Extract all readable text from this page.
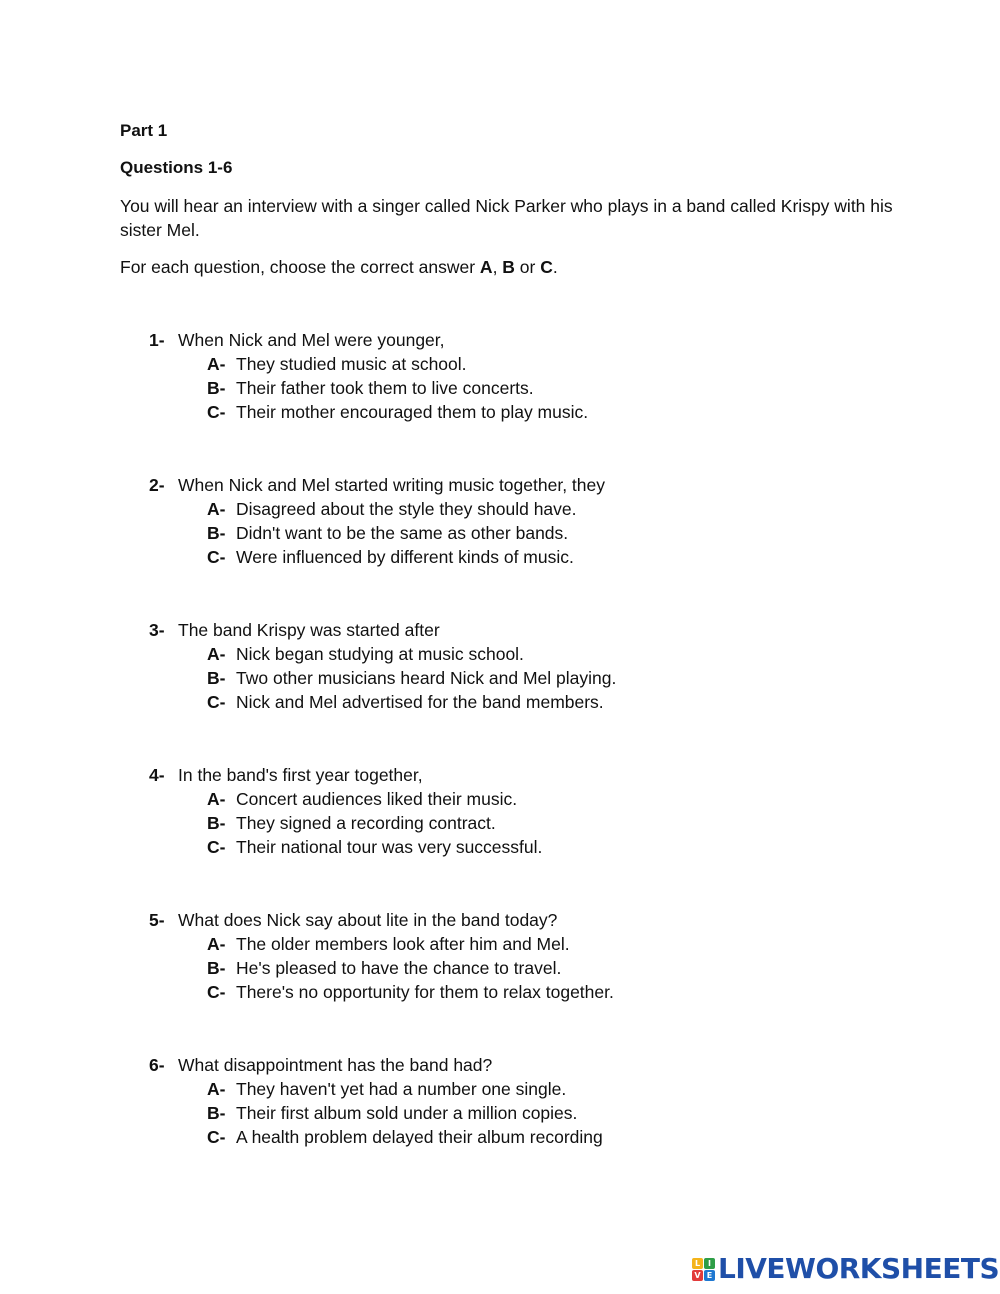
Part 1
Questions 1-6
You will hear an interview with a singer called Nick Parker who plays in a band called Krispy with his sister Mel.
For each question, choose the correct answer A, B or C.
1- When Nick and Mel were younger,
A- They studied music at school.
B- Their father took them to live concerts.
C- Their mother encouraged them to play music.
2- When Nick and Mel started writing music together, they
A- Disagreed about the style they should have.
B- Didn't want to be the same as other bands.
C- Were influenced by different kinds of music.
3- The band Krispy was started after
A- Nick began studying at music school.
B- Two other musicians heard Nick and Mel playing.
C- Nick and Mel advertised for the band members.
4- In the band's first year together,
A- Concert audiences liked their music.
B- They signed a recording contract.
C- Their national tour was very successful.
5- What does Nick say about lite in the band today?
A- The older members look after him and Mel.
B- He's pleased to have the chance to travel.
C- There's no opportunity for them to relax together.
6- What disappointment has the band had?
A- They haven't yet had a number one single.
B- Their first album sold under a million copies.
C- A health problem delayed their album recording
L I
V E LIVEWORKSHEETS
